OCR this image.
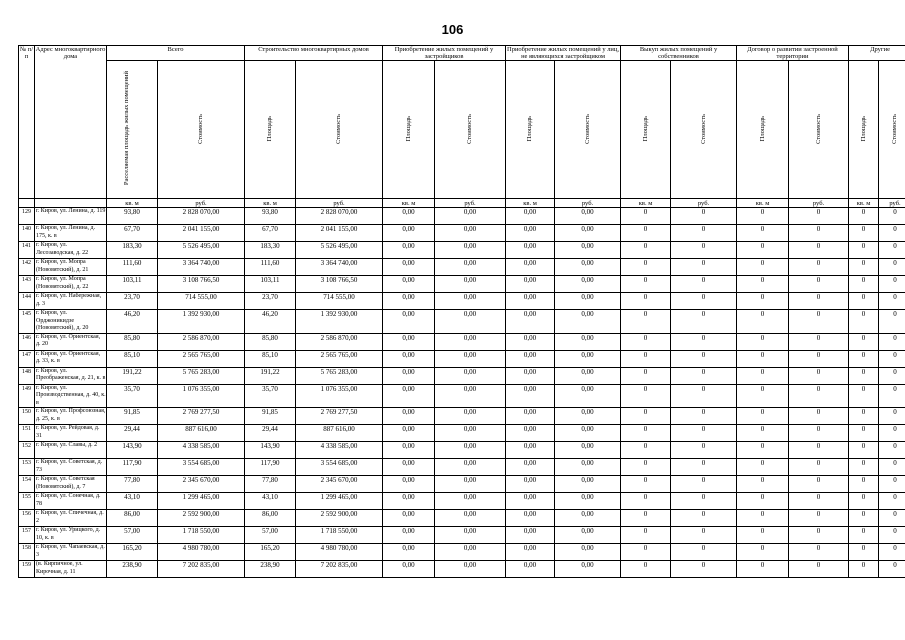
106
№ п/п	Адрес многоквартирного дома	Всего		Строительство многоквартирных домов		Приобретение жилых помещений у застройщиков		Приобретение жилых помещений у лиц, не являющихся застройщиком		Выкуп жилых помещений у собственников		Договор о развитии застроенной территории		Другие	
		Расселяемая площадь жилых помещений	Стоимость	Площадь	Стоимость	Площадь	Стоимость	Площадь	Стоимость	Площадь	Стоимость	Площадь	Стоимость	Площадь	Стоимость
		кв. м	руб.	кв. м	руб.	кв. м	руб.	кв. м	руб.	кв. м	руб.	кв. м	руб.	кв. м	руб.
129	г. Киров, ул. Ленина, д. 119	93,80	2 828 070,00	93,80	2 828 070,00	0,00	0,00	0,00	0,00	0	0	0	0	0	0
140	г. Киров, ул. Ленина, д. 175, к. в	67,70	2 041 155,00	67,70	2 041 155,00	0,00	0,00	0,00	0,00	0	0	0	0	0	0
141	г. Киров, ул. Лесозаводская, д. 22	183,30	5 526 495,00	183,30	5 526 495,00	0,00	0,00	0,00	0,00	0	0	0	0	0	0
142	г. Киров, ул. Мопра (Нововятский), д. 21	111,60	3 364 740,00	111,60	3 364 740,00	0,00	0,00	0,00	0,00	0	0	0	0	0	0
143	г. Киров, ул. Мопра (Нововятский), д. 22	103,11	3 108 766,50	103,11	3 108 766,50	0,00	0,00	0,00	0,00	0	0	0	0	0	0
144	г. Киров, ул. Набережная, д. 3	23,70	714 555,00	23,70	714 555,00	0,00	0,00	0,00	0,00	0	0	0	0	0	0
145	г. Киров, ул. Орджоникидзе (Нововятский), д. 20	46,20	1 392 930,00	46,20	1 392 930,00	0,00	0,00	0,00	0,00	0	0	0	0	0	0
146	г. Киров, ул. Ориентская, д. 20	85,80	2 586 870,00	85,80	2 586 870,00	0,00	0,00	0,00	0,00	0	0	0	0	0	0
147	г. Киров, ул. Ориентская, д. 33, к. в	85,10	2 565 765,00	85,10	2 565 765,00	0,00	0,00	0,00	0,00	0	0	0	0	0	0
148	г. Киров, ул. Преображенская, д. 21, к. в	191,22	5 765 283,00	191,22	5 765 283,00	0,00	0,00	0,00	0,00	0	0	0	0	0	0
149	г. Киров, ул. Производственная, д. 40, к. в	35,70	1 076 355,00	35,70	1 076 355,00	0,00	0,00	0,00	0,00	0	0	0	0	0	0
150	г. Киров, ул. Профсоюзная, д. 25, к. в	91,85	2 769 277,50	91,85	2 769 277,50	0,00	0,00	0,00	0,00	0	0	0	0	0	0
151	г. Киров, ул. Рейдовая, д. 31	29,44	887 616,00	29,44	887 616,00	0,00	0,00	0,00	0,00	0	0	0	0	0	0
152	г. Киров, ул. Славы, д. 2	143,90	4 338 585,00	143,90	4 338 585,00	0,00	0,00	0,00	0,00	0	0	0	0	0	0
153	г. Киров, ул. Советская, д. 73	117,90	3 554 685,00	117,90	3 554 685,00	0,00	0,00	0,00	0,00	0	0	0	0	0	0
154	г. Киров, ул. Советская (Нововятский), д. 7	77,80	2 345 670,00	77,80	2 345 670,00	0,00	0,00	0,00	0,00	0	0	0	0	0	0
155	г. Киров, ул. Сонечная, д. 78	43,10	1 299 465,00	43,10	1 299 465,00	0,00	0,00	0,00	0,00	0	0	0	0	0	0
156	г. Киров, ул. Спичечная, д. 2	86,00	2 592 900,00	86,00	2 592 900,00	0,00	0,00	0,00	0,00	0	0	0	0	0	0
157	г. Киров, ул. Урицкого, д. 10, к. в	57,00	1 718 550,00	57,00	1 718 550,00	0,00	0,00	0,00	0,00	0	0	0	0	0	0
158	г. Киров, ул. Чапаевская, д. 3	165,20	4 980 780,00	165,20	4 980 780,00	0,00	0,00	0,00	0,00	0	0	0	0	0	0
159	(в. Кирпичное, ул. Кирочная, д. 11	238,90	7 202 835,00	238,90	7 202 835,00	0,00	0,00	0,00	0,00	0	0	0	0	0	0
